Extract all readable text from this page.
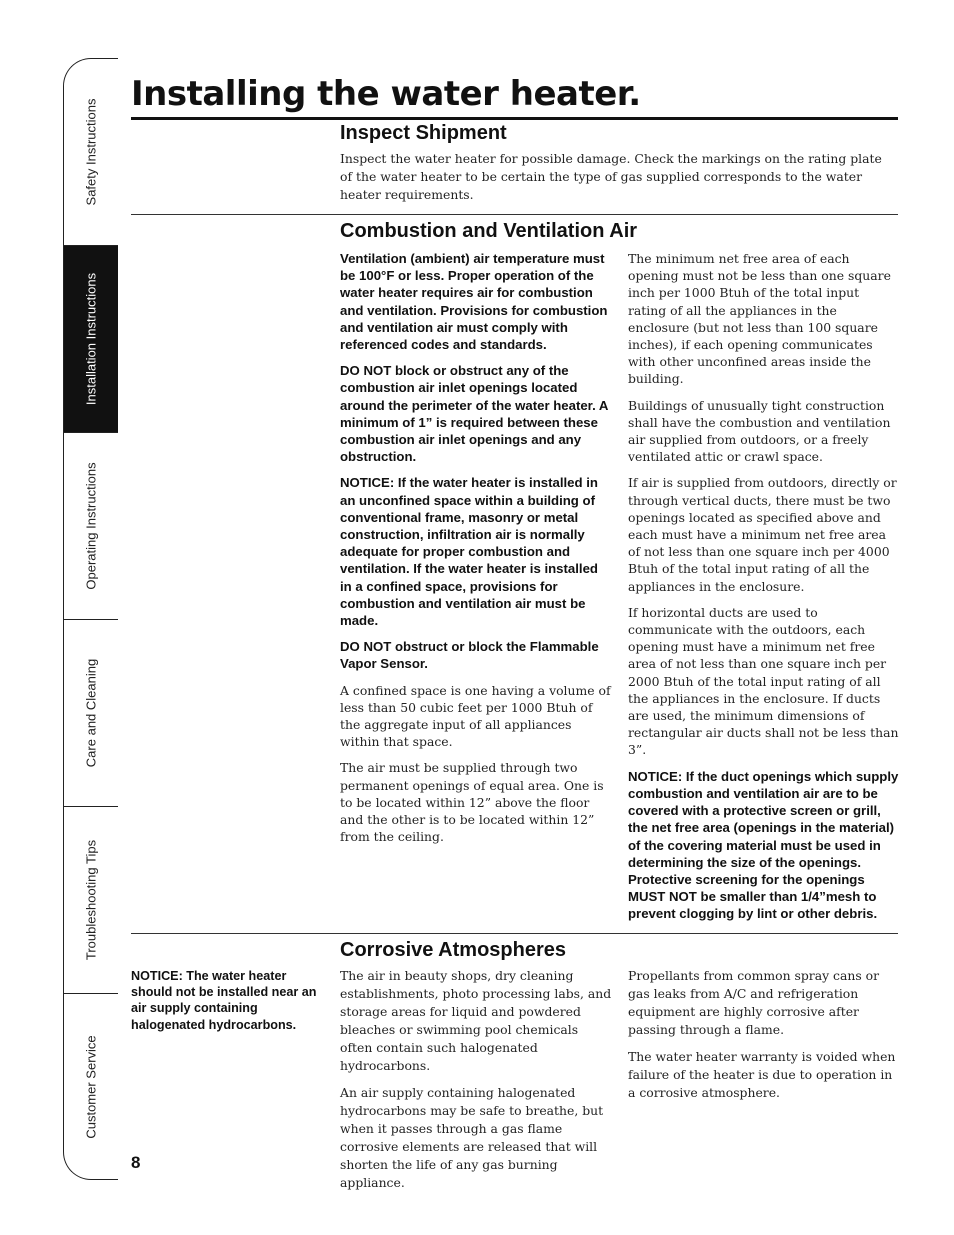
Safety Instructions
Installation Instructions
Operating Instructions
Care and Cleaning
Troubleshooting Tips
Customer Service
Installing the water heater.
Inspect Shipment

Inspect the water heater for possible damage. Check the markings on the rating plate of the water heater to be certain the type of gas supplied corresponds to the water heater requirements.

Combustion and Ventilation Air

Ventilation (ambient) air temperature must be 100°F or less. Proper operation of the water heater requires air for combustion and ventilation. Provisions for combustion and ventilation air must comply with referenced codes and standards.

DO NOT block or obstruct any of the combustion air inlet openings located around the perimeter of the water heater. A minimum of 1” is required between these combustion air inlet openings and any obstruction.

NOTICE: If the water heater is installed in an unconfined space within a building of conventional frame, masonry or metal construction, infiltration air is normally adequate for proper combustion and ventilation. If the water heater is installed in a confined space, provisions for combustion and ventilation air must be made.

DO NOT obstruct or block the Flammable Vapor Sensor.

A confined space is one having a volume of less than 50 cubic feet per 1000 Btuh of the aggregate input of all appliances within that space.

The air must be supplied through two permanent openings of equal area. One is to be located within 12” above the floor and the other is to be located within 12” from the ceiling.

The minimum net free area of each opening must not be less than one square inch per 1000 Btuh of the total input rating of all the appliances in the enclosure (but not less than 100 square inches), if each opening communicates with other unconfined areas inside the building.

Buildings of unusually tight construction shall have the combustion and ventilation air supplied from outdoors, or a freely ventilated attic or crawl space.

If air is supplied from outdoors, directly or through vertical ducts, there must be two openings located as specified above and each must have a minimum net free area of not less than one square inch per 4000 Btuh of the total input rating of all the appliances in the enclosure.

If horizontal ducts are used to communicate with the outdoors, each opening must have a minimum net free area of not less than one square inch per 2000 Btuh of the total input rating of all the appliances in the enclosure. If ducts are used, the minimum dimensions of rectangular air ducts shall not be less than 3”.

NOTICE: If the duct openings which supply combustion and ventilation air are to be covered with a protective screen or grill, the net free area (openings in the material) of the covering material must be used in determining the size of the openings. Protective screening for the openings MUST NOT be smaller than 1/4”mesh to prevent clogging by lint or other debris.

Corrosive Atmospheres

NOTICE: The water heater should not be installed near an air supply containing halogenated hydrocarbons.

The air in beauty shops, dry cleaning establishments, photo processing labs, and storage areas for liquid and powdered bleaches or swimming pool chemicals often contain such halogenated hydrocarbons.

An air supply containing halogenated hydrocarbons may be safe to breathe, but when it passes through a gas flame corrosive elements are released that will shorten the life of any gas burning appliance.

Propellants from common spray cans or gas leaks from A/C and refrigeration equipment are highly corrosive after passing through a flame.

The water heater warranty is voided when failure of the heater is due to operation in a corrosive atmosphere.

8
